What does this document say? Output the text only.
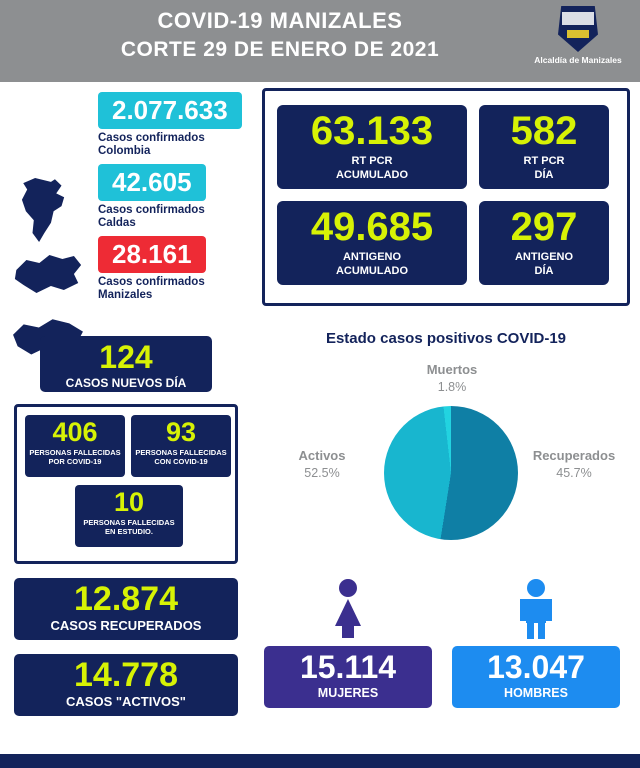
COVID-19 MANIZALES
CORTE 29 DE ENERO DE 2021	Alcaldía de Manizales
2.077.633
Casos confirmados
Colombia
42.605
Casos confirmados
Caldas
28.161
Casos confirmados
Manizales
124
CASOS NUEVOS DÍA
406
PERSONAS FALLECIDAS POR COVID-19
93
PERSONAS FALLECIDAS CON COVID-19
10
PERSONAS FALLECIDAS EN ESTUDIO.
12.874
CASOS RECUPERADOS
14.778
CASOS "ACTIVOS"
63.133
RT PCR
ACUMULADO
582
RT PCR
DÍA
49.685
ANTIGENO
ACUMULADO
297
ANTIGENO
DÍA
Estado casos positivos COVID-19
Muertos
1.8%
Activos
52.5%
Recuperados
45.7%
15.114
MUJERES
13.047
HOMBRES
